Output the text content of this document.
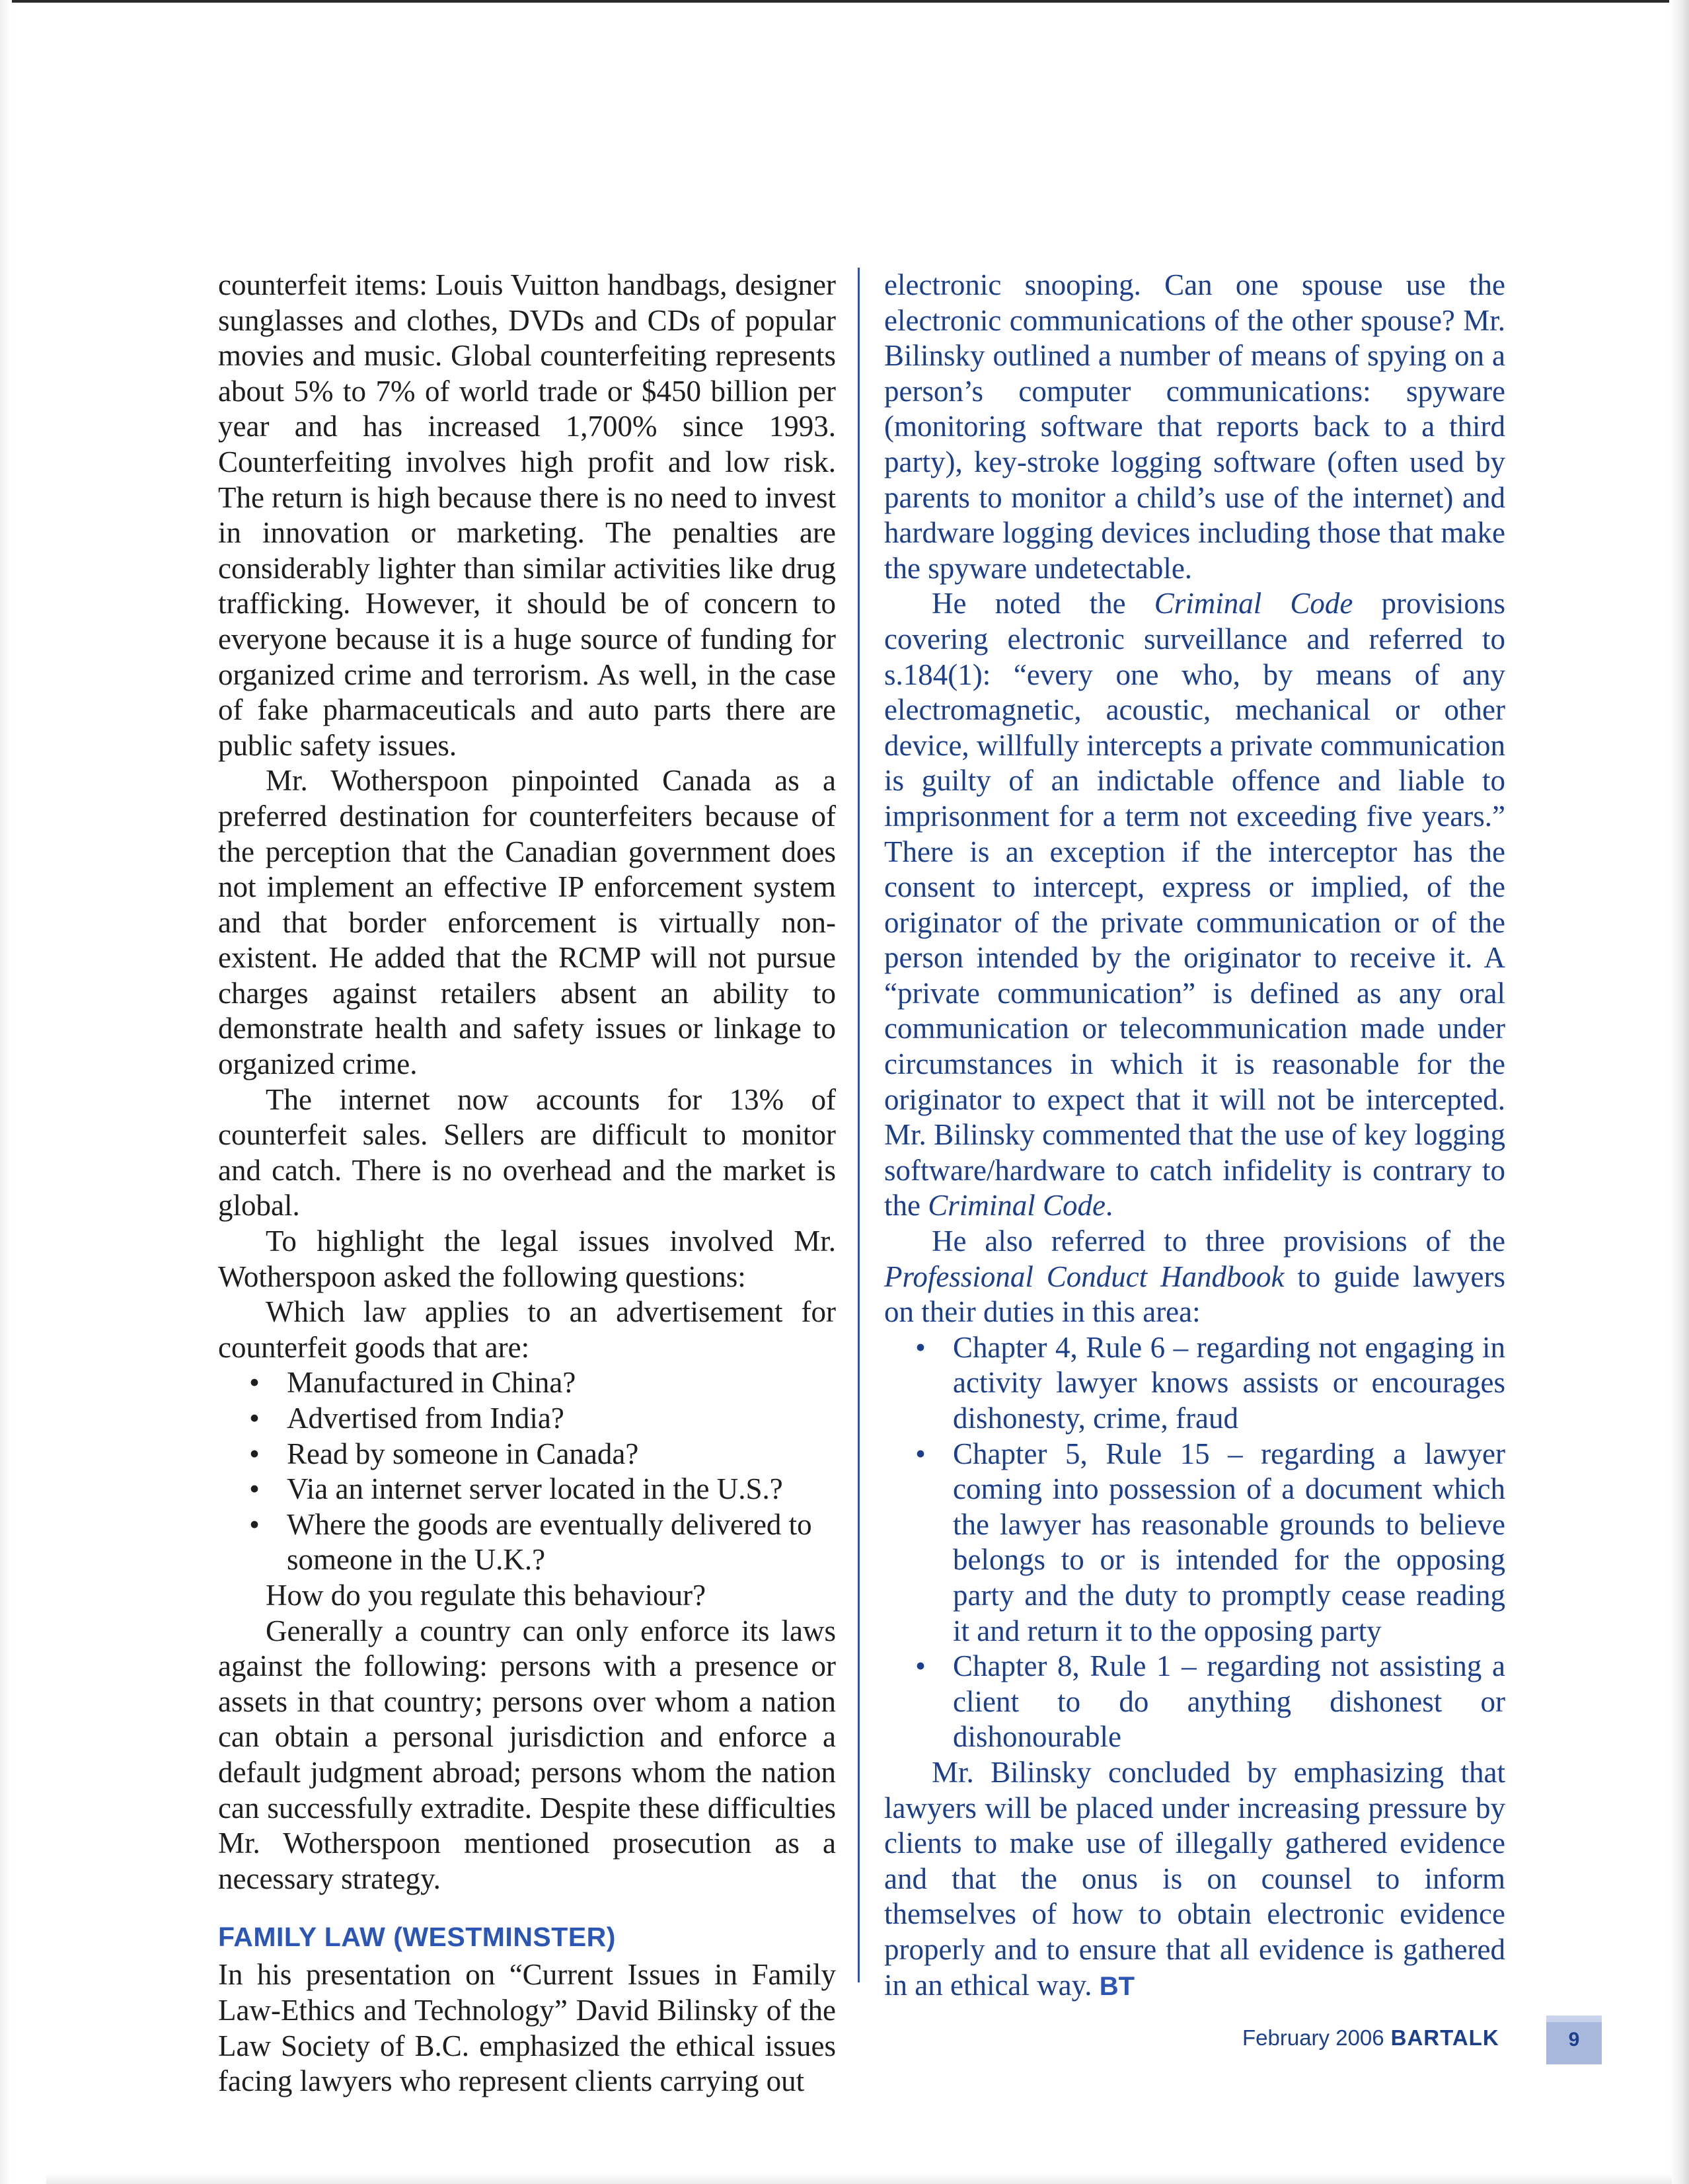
counterfeit items: Louis Vuitton handbags, designer sunglasses and clothes, DVDs and CDs of popular movies and music. Global counterfeiting represents about 5% to 7% of world trade or $450 billion per year and has increased 1,700% since 1993. Counterfeiting involves high profit and low risk. The return is high because there is no need to invest in innovation or marketing. The penalties are considerably lighter than similar activities like drug trafficking. However, it should be of concern to everyone because it is a huge source of funding for organized crime and terrorism. As well, in the case of fake pharmaceuticals and auto parts there are public safety issues.

Mr. Wotherspoon pinpointed Canada as a preferred destination for counterfeiters because of the perception that the Canadian government does not implement an effective IP enforcement system and that border enforcement is virtually non-existent. He added that the RCMP will not pursue charges against retailers absent an ability to demonstrate health and safety issues or linkage to organized crime.

The internet now accounts for 13% of counterfeit sales. Sellers are difficult to monitor and catch. There is no overhead and the market is global.

To highlight the legal issues involved Mr. Wotherspoon asked the following questions:

Which law applies to an advertisement for counterfeit goods that are:

• Manufactured in China?
• Advertised from India?
• Read by someone in Canada?
• Via an internet server located in the U.S.?
• Where the goods are eventually delivered to someone in the U.K.?

How do you regulate this behaviour?

Generally a country can only enforce its laws against the following: persons with a presence or assets in that country; persons over whom a nation can obtain a personal jurisdiction and enforce a default judgment abroad; persons whom the nation can successfully extradite. Despite these difficulties Mr. Wotherspoon mentioned prosecution as a necessary strategy.

FAMILY LAW (WESTMINSTER)

In his presentation on “Current Issues in Family Law-Ethics and Technology” David Bilinsky of the Law Society of B.C. emphasized the ethical issues facing lawyers who represent clients carrying out

electronic snooping. Can one spouse use the electronic communications of the other spouse? Mr. Bilinsky outlined a number of means of spying on a person’s computer communications: spyware (monitoring software that reports back to a third party), key-stroke logging software (often used by parents to monitor a child’s use of the internet) and hardware logging devices including those that make the spyware undetectable.

He noted the Criminal Code provisions covering electronic surveillance and referred to s.184(1): “every one who, by means of any electromagnetic, acoustic, mechanical or other device, willfully intercepts a private communication is guilty of an indictable offence and liable to imprisonment for a term not exceeding five years.” There is an exception if the interceptor has the consent to intercept, express or implied, of the originator of the private communication or of the person intended by the originator to receive it. A “private communication” is defined as any oral communication or telecommunication made under circumstances in which it is reasonable for the originator to expect that it will not be intercepted. Mr. Bilinsky commented that the use of key logging software/hardware to catch infidelity is contrary to the Criminal Code.

He also referred to three provisions of the Professional Conduct Handbook to guide lawyers on their duties in this area:

• Chapter 4, Rule 6 – regarding not engaging in activity lawyer knows assists or encourages dishonesty, crime, fraud
• Chapter 5, Rule 15 – regarding a lawyer coming into possession of a document which the lawyer has reasonable grounds to believe belongs to or is intended for the opposing party and the duty to promptly cease reading it and return it to the opposing party
• Chapter 8, Rule 1 – regarding not assisting a client to do anything dishonest or dishonourable

Mr. Bilinsky concluded by emphasizing that lawyers will be placed under increasing pressure by clients to make use of illegally gathered evidence and that the onus is on counsel to inform themselves of how to obtain electronic evidence properly and to ensure that all evidence is gathered in an ethical way. BT

February 2006 BARTALK	9
